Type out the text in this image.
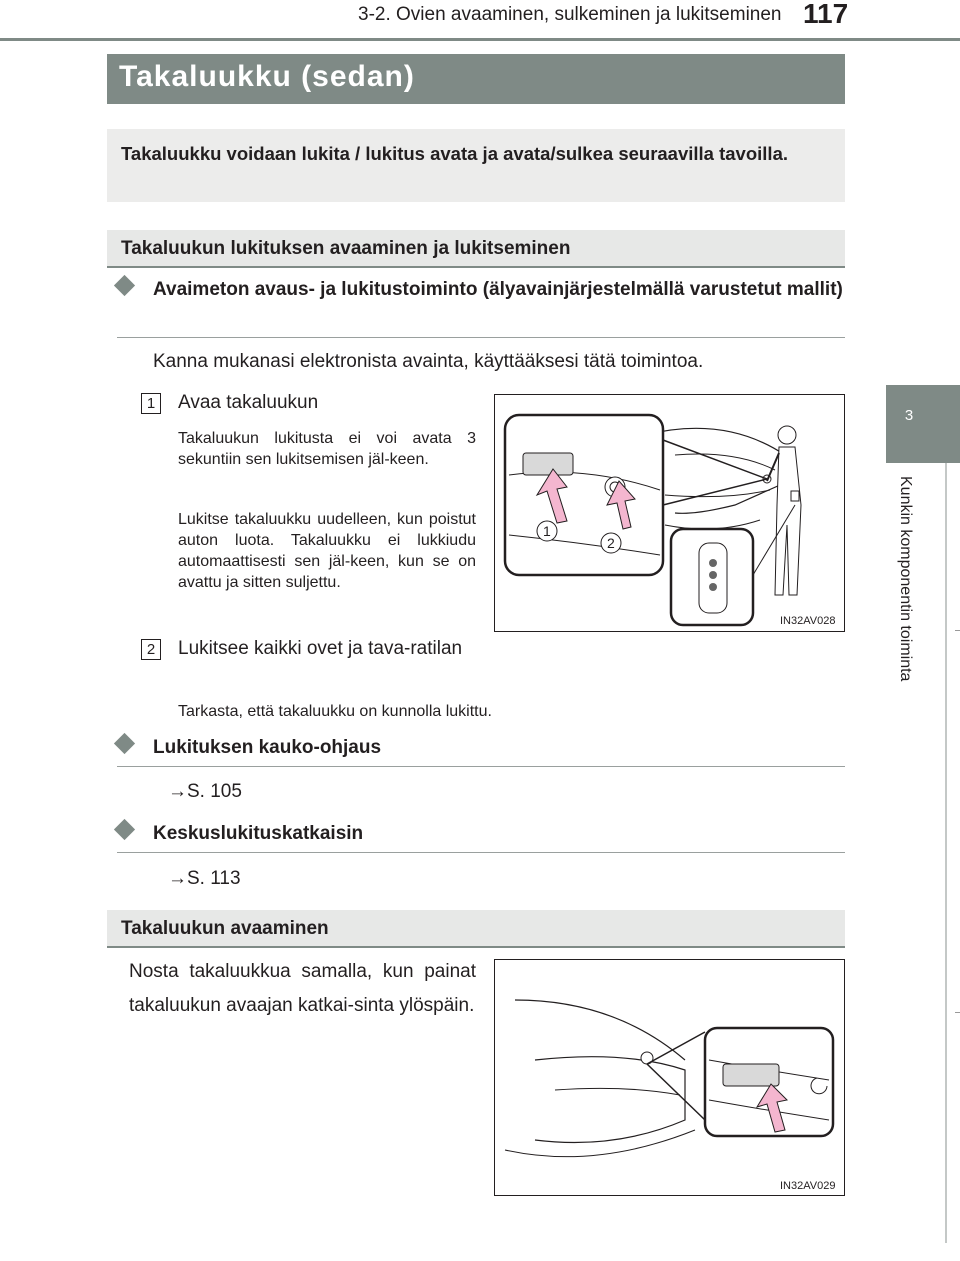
3-2. Ovien avaaminen, sulkeminen ja lukitseminen 117
3
Kunkin komponentin toiminta
Takaluukku (sedan)
Takaluukku voidaan lukita / lukitus avata ja avata/sulkea seuraavilla tavoilla.
Takaluukun lukituksen avaaminen ja lukitseminen
Avaimeton avaus- ja lukitustoiminto (älyavainjärjestelmällä varustetut mallit)
Kanna mukanasi elektronista avainta, käyttääksesi tätä toimintoa.
1	Avaa takaluukun
Takaluukun lukitusta ei voi avata 3 sekuntiin sen lukitsemisen jäl-keen.
Lukitse takaluukku uudelleen, kun poistut auton luota. Takaluukku ei lukkiudu automaattisesti sen jäl-keen, kun se on avattu ja sitten suljettu.
2	Lukitsee kaikki ovet ja tava-ratilan
Tarkasta, että takaluukku on kunnolla lukittu.
1
2
IN32AV028
Lukituksen kauko-ohjaus
→S. 105
Keskuslukituskatkaisin
→S. 113
Takaluukun avaaminen
Nosta takaluukkua samalla, kun painat takaluukun avaajan katkai-sinta ylöspäin.
IN32AV029
